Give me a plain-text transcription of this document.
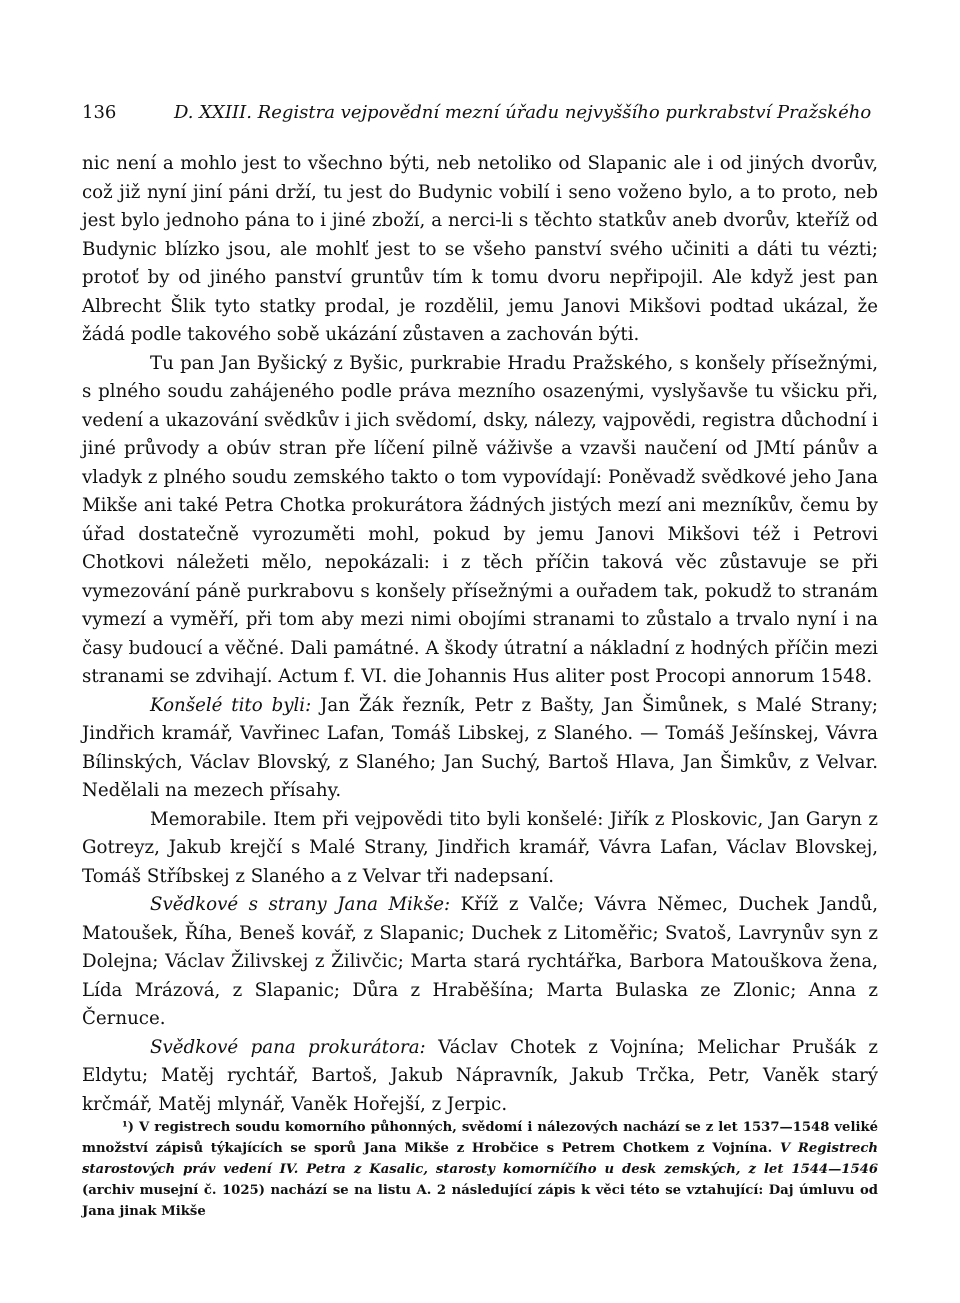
136	D. XXIII. Registra vejpovědní mezní úřadu nejvyššího purkrabství Pražského

nic není a mohlo jest to všechno býti, neb netoliko od Slapanic ale i od jiných dvorův, což již nyní jiní páni drží, tu jest do Budynic vobilí i seno voženo bylo, a to proto, neb jest bylo jednoho pána to i jiné zboží, a nerci-li s těchto statkův aneb dvorův, kteříž od Budynic blízko jsou, ale mohlť jest to se všeho panství svého učiniti a dáti tu vézti; protoť by od jiného panství gruntův tím k tomu dvoru nepřipojil. Ale když jest pan Albrecht Šlik tyto statky prodal, je rozdělil, jemu Janovi Mikšovi podtad ukázal, že žádá podle takového sobě ukázání zůstaven a zachován býti.

Tu pan Jan Byšický z Byšic, purkrabie Hradu Pražského, s konšely přísežnými, s plného soudu zahájeného podle práva mezního osazenými, vyslyšavše tu všicku při, vedení a ukazování svědkův i jich svědomí, dsky, nálezy, vajpovědi, registra důchodní i jiné průvody a obúv stran pře líčení pilně váživše a vzavši naučení od JMtí pánův a vladyk z plného soudu zemského takto o tom vypovídají: Poněvadž svědkové jeho Jana Mikše ani také Petra Chotka prokurátora žádných jistých mezí ani mezníkův, čemu by úřad dostatečně vyrozuměti mohl, pokud by jemu Janovi Mikšovi též i Petrovi Chotkovi náležeti mělo, nepokázali: i z těch příčin taková věc zůstavuje se při vymezování páně purkrabovu s konšely přísežnými a ouřadem tak, pokudž to stranám vymezí a vyměří, při tom aby mezi nimi obojími stranami to zůstalo a trvalo nyní i na časy budoucí a věčné. Dali památné. A škody útratní a nákladní z hodných příčin mezi stranami se zdvihají. Actum f. VI. die Johannis Hus aliter post Procopi annorum 1548.

Konšelé tito byli: Jan Žák řezník, Petr z Bašty, Jan Šimůnek, s Malé Strany; Jindřich kramář, Vavřinec Lafan, Tomáš Libskej, z Slaného. — Tomáš Ješínskej, Vávra Bílinských, Václav Blovský, z Slaného; Jan Suchý, Bartoš Hlava, Jan Šimkův, z Velvar. Nedělali na mezech přísahy.

Memorabile. Item při vejpovědi tito byli konšelé: Jiřík z Ploskovic, Jan Garyn z Gotreyz, Jakub krejčí s Malé Strany, Jindřich kramář, Vávra Lafan, Václav Blovskej, Tomáš Stříbskej z Slaného a z Velvar tři nadepsaní.

Svědkové s strany Jana Mikše: Kříž z Valče; Vávra Němec, Duchek Jandů, Matoušek, Říha, Beneš kovář, z Slapanic; Duchek z Litoměřic; Svatoš, Lavrynův syn z Dolejna; Václav Žilivskej z Žilivčic; Marta stará rychtářka, Barbora Matouškova žena, Lída Mrázová, z Slapanic; Důra z Hraběšína; Marta Bulaska ze Zlonic; Anna z Černuce.

Svědkové pana prokurátora: Václav Chotek z Vojnína; Melichar Prušák z Eldytu; Matěj rychtář, Bartoš, Jakub Nápravník, Jakub Trčka, Petr, Vaněk starý krčmář, Matěj mlynář, Vaněk Hořejší, z Jerpic.

¹) V registrech soudu komorního půhonných, svědomí i nálezových nachází se z let 1537—1548 veliké množství zápisů týkajících se sporů Jana Mikše z Hrobčice s Petrem Chotkem z Vojnína. V Registrech starostových práv vedení IV. Petra z Kasalic, starosty komorníčího u desk zemských, z let 1544—1546 (archiv musejní č. 1025) nachází se na listu A. 2 následující zápis k věci této se vztahující: Daj úmluvu od Jana jinak Mikše
